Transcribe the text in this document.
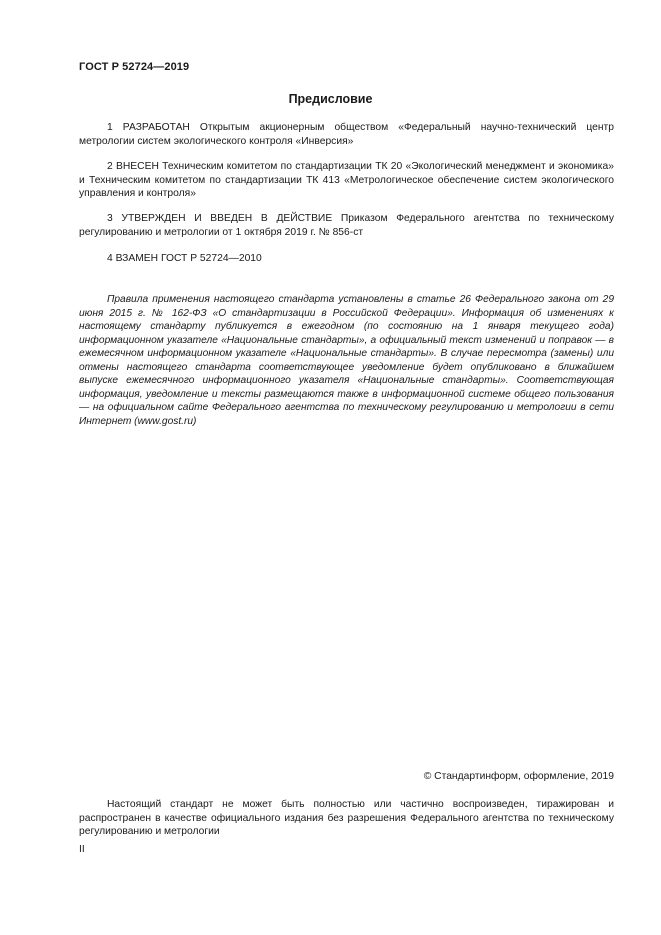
ГОСТ Р 52724—2019
Предисловие
1 РАЗРАБОТАН Открытым акционерным обществом «Федеральный научно-технический центр метрологии систем экологического контроля «Инверсия»
2 ВНЕСЕН Техническим комитетом по стандартизации ТК 20 «Экологический менеджмент и экономика» и Техническим комитетом по стандартизации ТК 413 «Метрологическое обеспечение систем экологического управления и контроля»
3 УТВЕРЖДЕН И ВВЕДЕН В ДЕЙСТВИЕ Приказом Федерального агентства по техническому регулированию и метрологии от 1 октября 2019 г. № 856-ст
4 ВЗАМЕН ГОСТ Р 52724—2010
Правила применения настоящего стандарта установлены в статье 26 Федерального закона от 29 июня 2015 г. № 162-ФЗ «О стандартизации в Российской Федерации». Информация об изменениях к настоящему стандарту публикуется в ежегодном (по состоянию на 1 января текущего года) информационном указателе «Национальные стандарты», а официальный текст изменений и поправок — в ежемесячном информационном указателе «Национальные стандарты». В случае пересмотра (замены) или отмены настоящего стандарта соответствующее уведомление будет опубликовано в ближайшем выпуске ежемесячного информационного указателя «Национальные стандарты». Соответствующая информация, уведомление и тексты размещаются также в информационной системе общего пользования — на официальном сайте Федерального агентства по техническому регулированию и метрологии в сети Интернет (www.gost.ru)
© Стандартинформ, оформление, 2019
Настоящий стандарт не может быть полностью или частично воспроизведен, тиражирован и распространен в качестве официального издания без разрешения Федерального агентства по техническому регулированию и метрологии
II
